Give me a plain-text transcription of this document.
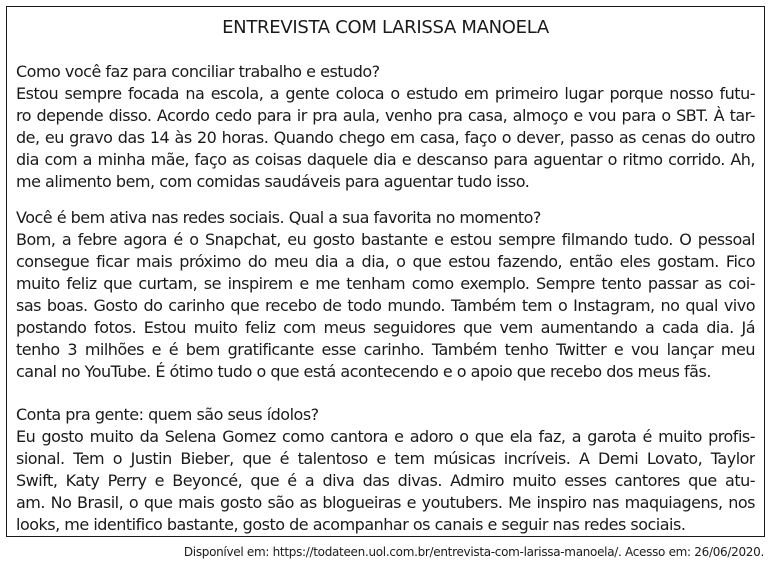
ENTREVISTA COM LARISSA MANOELA
Como você faz para conciliar trabalho e estudo?
Estou sempre focada na escola, a gente coloca o estudo em primeiro lugar porque nosso futu-
ro depende disso. Acordo cedo para ir pra aula, venho pra casa, almoço e vou para o SBT. À tar-
de, eu gravo das 14 às 20 horas. Quando chego em casa, faço o dever, passo as cenas do outro
dia com a minha mãe, faço as coisas daquele dia e descanso para aguentar o ritmo corrido. Ah,
me alimento bem, com comidas saudáveis para aguentar tudo isso.
Você é bem ativa nas redes sociais. Qual a sua favorita no momento?
Bom, a febre agora é o Snapchat, eu gosto bastante e estou sempre filmando tudo. O pessoal
consegue ficar mais próximo do meu dia a dia, o que estou fazendo, então eles gostam. Fico
muito feliz que curtam, se inspirem e me tenham como exemplo. Sempre tento passar as coi-
sas boas. Gosto do carinho que recebo de todo mundo. Também tem o Instagram, no qual vivo
postando fotos. Estou muito feliz com meus seguidores que vem aumentando a cada dia. Já
tenho 3 milhões e é bem gratificante esse carinho. Também tenho Twitter e vou lançar meu
canal no YouTube. É ótimo tudo o que está acontecendo e o apoio que recebo dos meus fãs.
Conta pra gente: quem são seus ídolos?
Eu gosto muito da Selena Gomez como cantora e adoro o que ela faz, a garota é muito profis-
sional. Tem o Justin Bieber, que é talentoso e tem músicas incríveis. A Demi Lovato, Taylor
Swift, Katy Perry e Beyoncé, que é a diva das divas. Admiro muito esses cantores que atu-
am. No Brasil, o que mais gosto são as blogueiras e youtubers. Me inspiro nas maquiagens, nos
looks, me identifico bastante, gosto de acompanhar os canais e seguir nas redes sociais.
Disponível em: https://todateen.uol.com.br/entrevista-com-larissa-manoela/. Acesso em: 26/06/2020.
